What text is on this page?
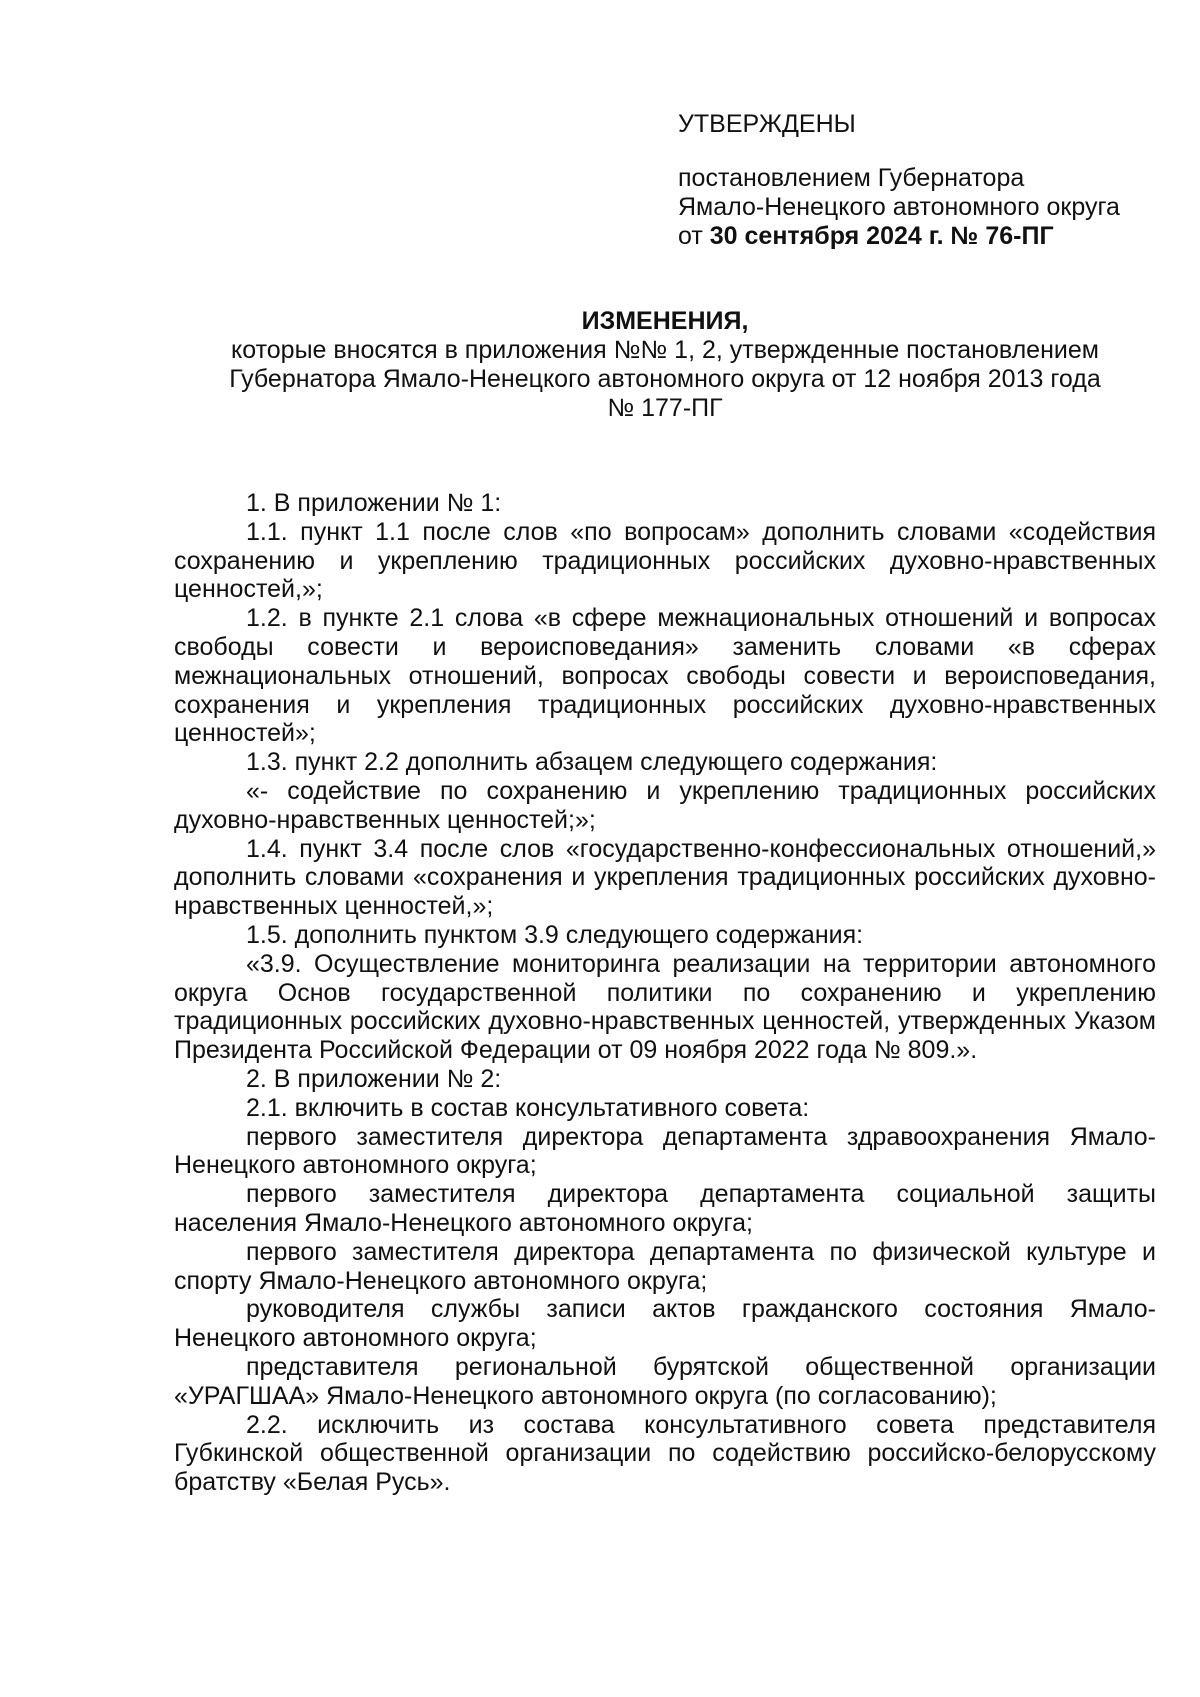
УТВЕРЖДЕНЫ
постановлением Губернатора
Ямало-Ненецкого автономного округа
от 30 сентября 2024 г. № 76-ПГ
ИЗМЕНЕНИЯ,
которые вносятся в приложения №№ 1, 2, утвержденные постановлением
Губернатора Ямало-Ненецкого автономного округа от 12 ноября 2013 года
№ 177-ПГ

1. В приложении № 1:

1.1. пункт 1.1 после слов «по вопросам» дополнить словами «содействия сохранению и укреплению традиционных российских духовно-нравственных ценностей,»;

1.2. в пункте 2.1 слова «в сфере межнациональных отношений и вопросах свободы совести и вероисповедания» заменить словами «в сферах межнациональных отношений, вопросах свободы совести и вероисповедания, сохранения и укрепления традиционных российских духовно-нравственных ценностей»;

1.3. пункт 2.2 дополнить абзацем следующего содержания:

«- содействие по сохранению и укреплению традиционных российских духовно-нравственных ценностей;»;

1.4. пункт 3.4 после слов «государственно-конфессиональных отношений,» дополнить словами «сохранения и укрепления традиционных российских духовно-нравственных ценностей,»;

1.5. дополнить пунктом 3.9 следующего содержания:

«3.9. Осуществление мониторинга реализации на территории автономного округа Основ государственной политики по сохранению и укреплению традиционных российских духовно-нравственных ценностей, утвержденных Указом Президента Российской Федерации от 09 ноября 2022 года № 809.».

2. В приложении № 2:

2.1. включить в состав консультативного совета:

первого заместителя директора департамента здравоохранения Ямало-Ненецкого автономного округа;

первого заместителя директора департамента социальной защиты населения Ямало-Ненецкого автономного округа;

первого заместителя директора департамента по физической культуре и спорту Ямало-Ненецкого автономного округа;

руководителя службы записи актов гражданского состояния Ямало-Ненецкого автономного округа;

представителя региональной бурятской общественной организации «УРАГШАА» Ямало-Ненецкого автономного округа (по согласованию);

2.2. исключить из состава консультативного совета представителя Губкинской общественной организации по содействию российско-белорусскому братству «Белая Русь».
